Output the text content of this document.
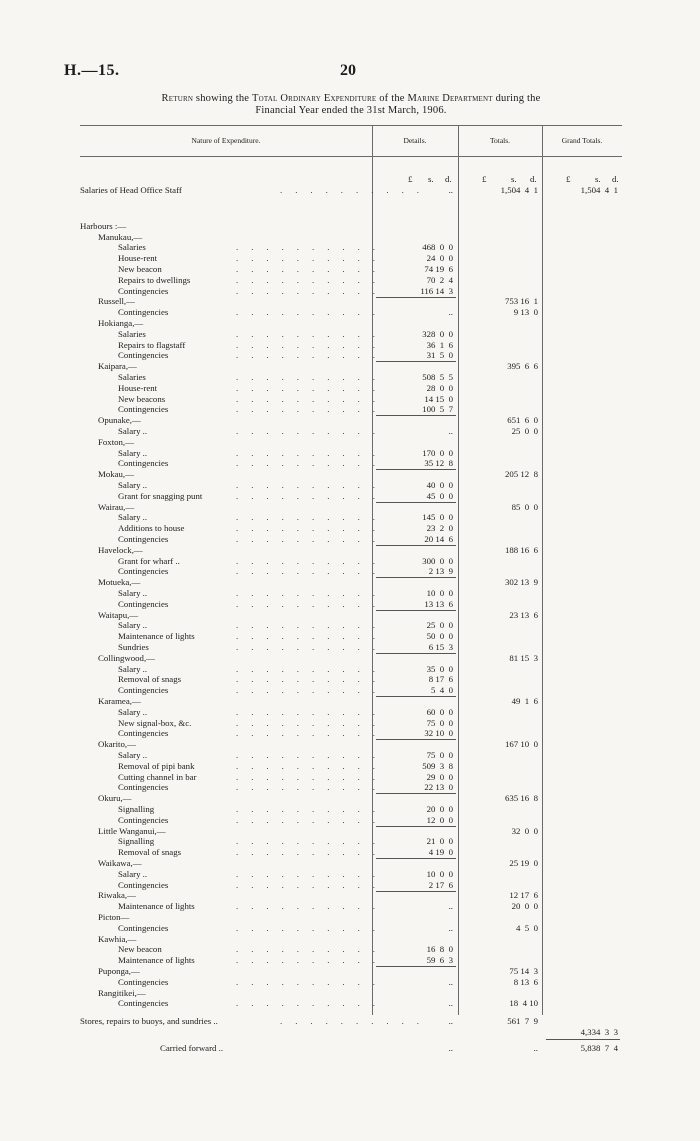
H.—15.	20
Return showing the Total Ordinary Expenditure of the Marine Department during the
Financial Year ended the 31st March, 1906.
Nature of Expenditure.	Details.	Totals.	Grand Totals.
£ s. d.	£	s. d.	£	s. d.
Salaries of Head Office Staff	.......... ..	1,504  4  1	1,504  4  1
Harbours :—
Manukau,—
Salaries	..........	468  0  0
House-rent	..........	24  0  0
New beacon	..........	74 19  6
Repairs to dwellings	..........	70  2  4
Contingencies	..........	116 14  3
Russell,—	753 16  1
Contingencies	..........	..	9 13  0
Hokianga,—
Salaries	..........	328  0  0
Repairs to flagstaff	..........	36  1  6
Contingencies	..........	31  5  0
Kaipara,—	395  6  6
Salaries	..........	508  5  5
House-rent	..........	28  0  0
New beacons	..........	14 15  0
Contingencies	..........	100  5  7
Opunake,—	651  6  0
Salary ..	..........	..	25  0  0
Foxton,—
Salary ..	..........	170  0  0
Contingencies	..........	35 12  8
Mokau,—	205 12  8
Salary ..	..........	40  0  0
Grant for snagging punt	..........	45  0  0
Wairau,—	85  0  0
Salary ..	..........	145  0  0
Additions to house	..........	23  2  0
Contingencies	..........	20 14  6
Havelock,—	188 16  6
Grant for wharf ..	..........	300  0  0
Contingencies	..........	2 13  9
Motueka,—	302 13  9
Salary ..	..........	10  0  0
Contingencies	..........	13 13  6
Waitapu,—	23 13  6
Salary ..	..........	25  0  0
Maintenance of lights	..........	50  0  0
Sundries	..........	6 15  3
Collingwood,—	81 15  3
Salary ..	..........	35  0  0
Removal of snags	..........	8 17  6
Contingencies	..........	5  4  0
Karamea,—	49  1  6
Salary ..	..........	60  0  0
New signal-box, &c.	..........	75  0  0
Contingencies	..........	32 10  0
Okarito,—	167 10  0
Salary ..	..........	75  0  0
Removal of pipi bank	..........	509  3  8
Cutting channel in bar	..........	29  0  0
Contingencies	..........	22 13  0
Okuru,—	635 16  8
Signalling	..........	20  0  0
Contingencies	..........	12  0  0
Little Wanganui,—	32  0  0
Signalling	..........	21  0  0
Removal of snags	..........	4 19  0
Waikawa,—	25 19  0
Salary ..	..........	10  0  0
Contingencies	..........	2 17  6
Riwaka,—	12 17  6
Maintenance of lights	..........	..	20  0  0
Picton—
Contingencies	..........	..	4  5  0
Kawhia,—
New beacon	..........	16  8  0
Maintenance of lights	..........	59  6  3
Puponga,—	75 14  3
Contingencies	..........	..	8 13  6
Rangitikei,—
Contingencies	..........	..	18  4 10
Stores, repairs to buoys, and sundries ..	.......... ..	561  7  9
4,334  3  3
Carried forward ..	..	..	5,838  7  4
